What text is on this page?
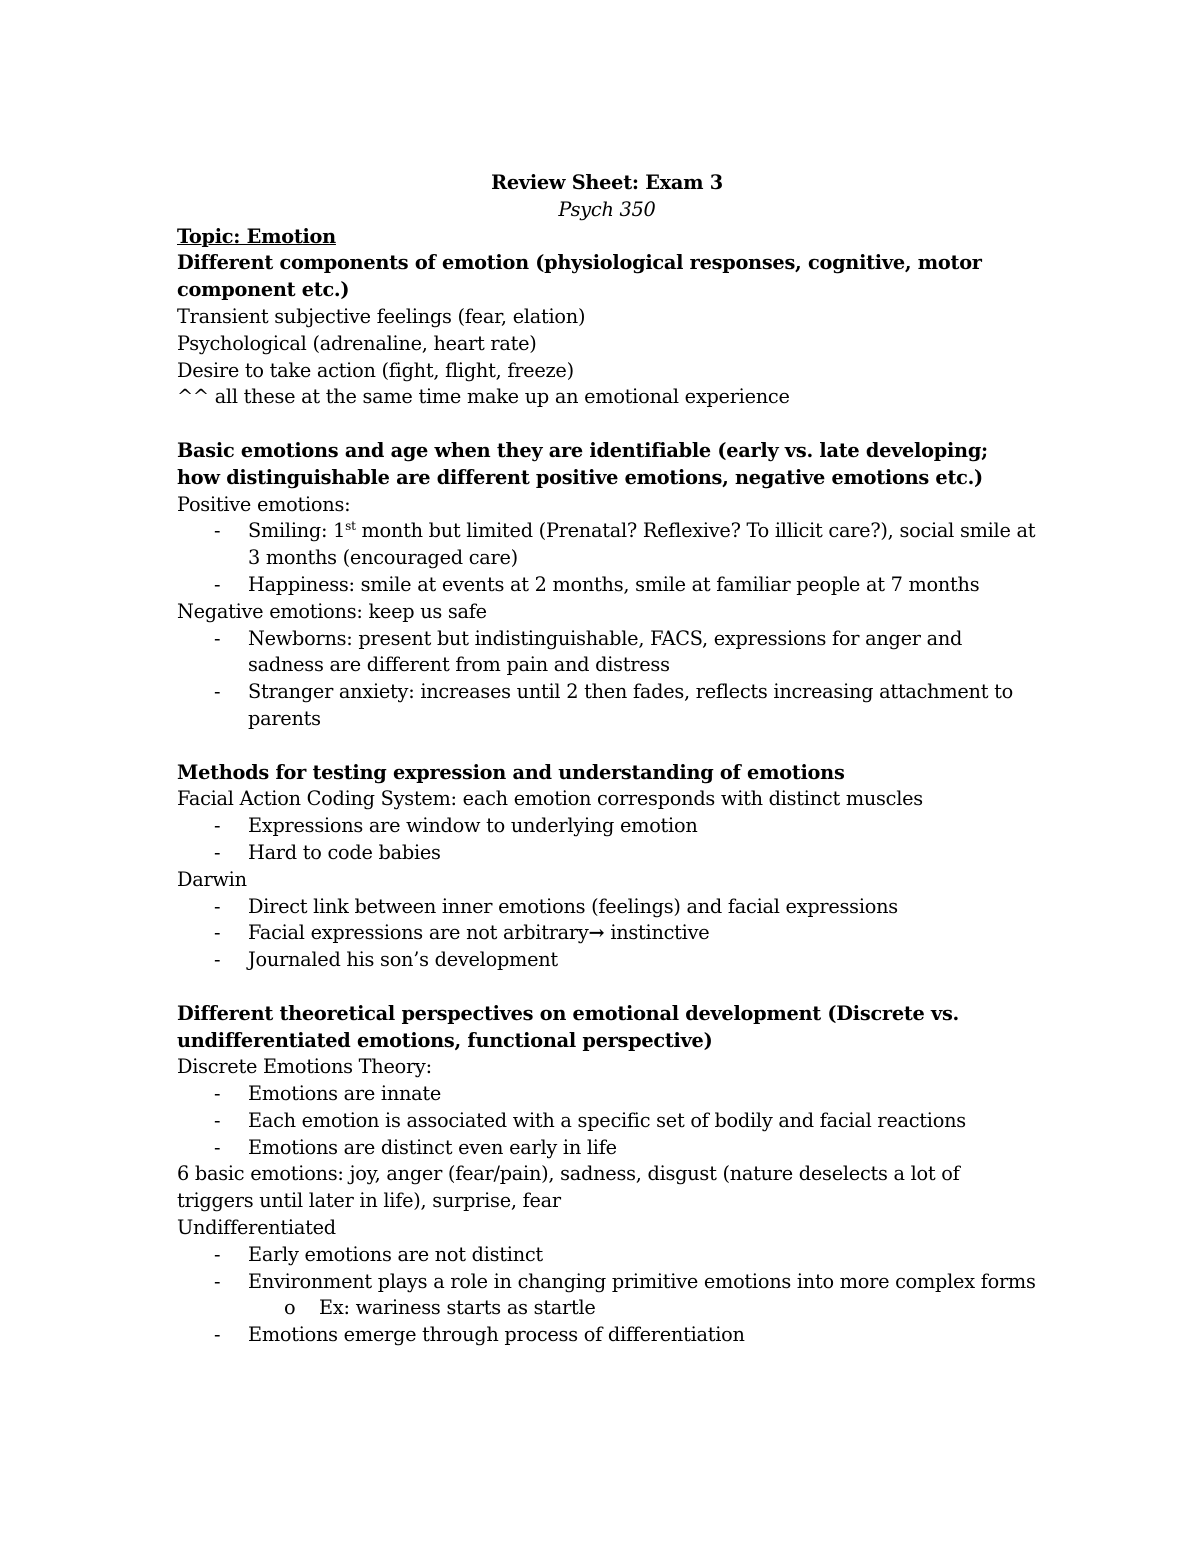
Review Sheet: Exam 3
Psych 350
Topic: Emotion
Different components of emotion (physiological responses, cognitive, motor component etc.)
Transient subjective feelings (fear, elation)
Psychological (adrenaline, heart rate)
Desire to take action (fight, flight, freeze)
^^ all these at the same time make up an emotional experience
Basic emotions and age when they are identifiable (early vs. late developing; how distinguishable are different positive emotions, negative emotions etc.)
Positive emotions:
- Smiling: 1st month but limited (Prenatal? Reflexive? To illicit care?), social smile at 3 months (encouraged care)
- Happiness: smile at events at 2 months, smile at familiar people at 7 months
Negative emotions: keep us safe
- Newborns: present but indistinguishable, FACS, expressions for anger and sadness are different from pain and distress
- Stranger anxiety: increases until 2 then fades, reflects increasing attachment to parents
Methods for testing expression and understanding of emotions
Facial Action Coding System: each emotion corresponds with distinct muscles
- Expressions are window to underlying emotion
- Hard to code babies
Darwin
- Direct link between inner emotions (feelings) and facial expressions
- Facial expressions are not arbitrary→ instinctive
- Journaled his son’s development
Different theoretical perspectives on emotional development (Discrete vs. undifferentiated emotions, functional perspective)
Discrete Emotions Theory:
- Emotions are innate
- Each emotion is associated with a specific set of bodily and facial reactions
- Emotions are distinct even early in life
6 basic emotions: joy, anger (fear/pain), sadness, disgust (nature deselects a lot of triggers until later in life), surprise, fear
Undifferentiated
- Early emotions are not distinct
- Environment plays a role in changing primitive emotions into more complex forms
o Ex: wariness starts as startle
- Emotions emerge through process of differentiation
